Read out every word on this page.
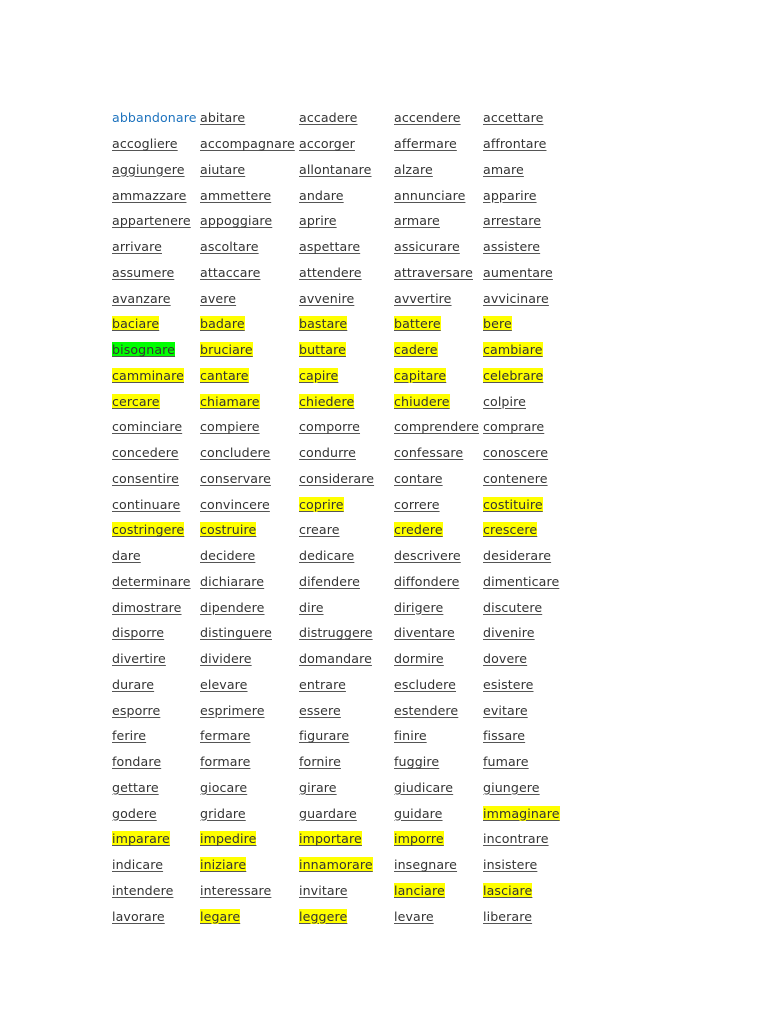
abbandonare	abitare	accadere	accendere	accettare
accogliere	accompagnare	accorger	affermare	affrontare
aggiungere	aiutare	allontanare	alzare	amare
ammazzare	ammettere	andare	annunciare	apparire
appartenere	appoggiare	aprire	armare	arrestare
arrivare	ascoltare	aspettare	assicurare	assistere
assumere	attaccare	attendere	attraversare	aumentare
avanzare	avere	avvenire	avvertire	avvicinare
baciare	badare	bastare	battere	bere
bisognare	bruciare	buttare	cadere	cambiare
camminare	cantare	capire	capitare	celebrare
cercare	chiamare	chiedere	chiudere	colpire
cominciare	compiere	comporre	comprendere	comprare
concedere	concludere	condurre	confessare	conoscere
consentire	conservare	considerare	contare	contenere
continuare	convincere	coprire	correre	costituire
costringere	costruire	creare	credere	crescere
dare	decidere	dedicare	descrivere	desiderare
determinare	dichiarare	difendere	diffondere	dimenticare
dimostrare	dipendere	dire	dirigere	discutere
disporre	distinguere	distruggere	diventare	divenire
divertire	dividere	domandare	dormire	dovere
durare	elevare	entrare	escludere	esistere
esporre	esprimere	essere	estendere	evitare
ferire	fermare	figurare	finire	fissare
fondare	formare	fornire	fuggire	fumare
gettare	giocare	girare	giudicare	giungere
godere	gridare	guardare	guidare	immaginare
imparare	impedire	importare	imporre	incontrare
indicare	iniziare	innamorare	insegnare	insistere
intendere	interessare	invitare	lanciare	lasciare
lavorare	legare	leggere	levare	liberare
